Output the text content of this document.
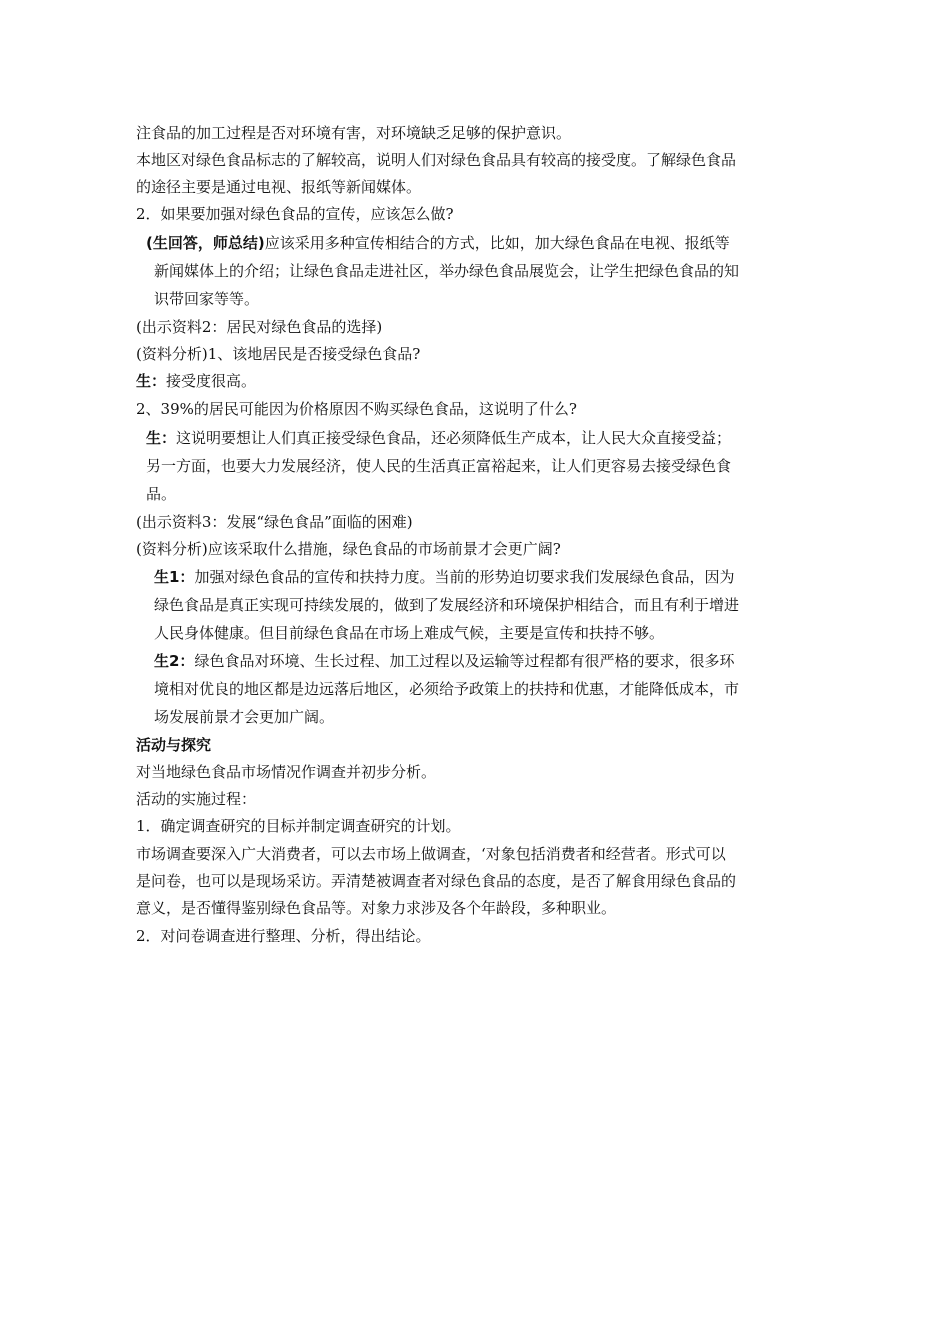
注食品的加工过程是否对环境有害，对环境缺乏足够的保护意识。
本地区对绿色食品标志的了解较高，说明人们对绿色食品具有较高的接受度。了解绿色食品
的途径主要是通过电视、报纸等新闻媒体。
2．如果要加强对绿色食品的宣传，应该怎么做?
(生回答，师总结)应该采用多种宣传相结合的方式，比如，加大绿色食品在电视、报纸等
新闻媒体上的介绍；让绿色食品走进社区，举办绿色食品展览会，让学生把绿色食品的知
识带回家等等。
(出示资料2：居民对绿色食品的选择)
(资料分析)1、该地居民是否接受绿色食品?
生：接受度很高。
2、39%的居民可能因为价格原因不购买绿色食品，这说明了什么?
生：这说明要想让人们真正接受绿色食品，还必须降低生产成本，让人民大众直接受益；
另一方面，也要大力发展经济，使人民的生活真正富裕起来，让人们更容易去接受绿色食
品。
(出示资料3：发展“绿色食品”面临的困难)
(资料分析)应该采取什么措施，绿色食品的市场前景才会更广阔?
生1：加强对绿色食品的宣传和扶持力度。当前的形势迫切要求我们发展绿色食品，因为
绿色食品是真正实现可持续发展的，做到了发展经济和环境保护相结合，而且有利于增进
人民身体健康。但目前绿色食品在市场上难成气候，主要是宣传和扶持不够。
生2：绿色食品对环境、生长过程、加工过程以及运输等过程都有很严格的要求，很多环
境相对优良的地区都是边远落后地区，必须给予政策上的扶持和优惠，才能降低成本，市
场发展前景才会更加广阔。
活动与探究
对当地绿色食品市场情况作调查并初步分析。
活动的实施过程：
1．确定调查研究的目标并制定调查研究的计划。
市场调查要深入广大消费者，可以去市场上做调查，‘对象包括消费者和经营者。形式可以
是问卷，也可以是现场采访。弄清楚被调查者对绿色食品的态度，是否了解食用绿色食品的
意义，是否懂得鉴别绿色食品等。对象力求涉及各个年龄段，多种职业。
2．对问卷调查进行整理、分析，得出结论。
